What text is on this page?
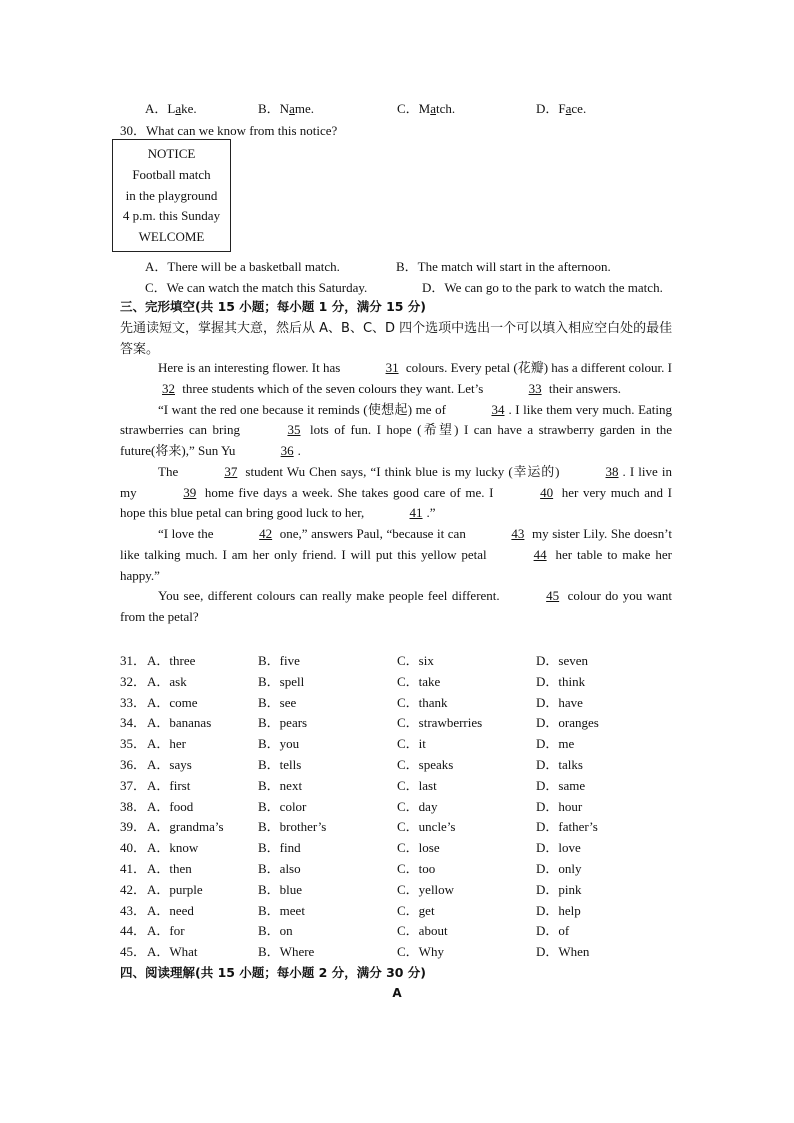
A．Lake.	B．Name.	C．Match.	D．Face.
30．What can we know from this notice?
NOTICE
Football match
in the playground
4 p.m. this Sunday
WELCOME
A．There will be a basketball match.	B．The match will start in the afternoon.
C．We can watch the match this Saturday.	D．We can go to the park to watch the match.
三、完形填空(共 15 小题；每小题 1 分，满分 15 分)
先通读短文，掌握其大意，然后从 A、B、C、D 四个选项中选出一个可以填入相应空白处的最佳答案。

Here is an interesting flower. It has	31 colours. Every petal (花瓣) has a different colour. I 32 three students which of the seven colours they want. Let’s	33 their answers.

“I want the red one because it reminds (使想起) me of	34 . I like them very much. Eating strawberries can bring	35 lots of fun. I hope (希望) I can have a strawberry garden in the future(将来),” Sun Yu	36 .

The	37 student Wu Chen says, “I think blue is my lucky (幸运的)	38 . I live in my	39 home five days a week. She takes good care of me. I	40 her very much and I hope this blue petal can bring good luck to her,	41 .”

“I love the	42 one,” answers Paul, “because it can	43 my sister Lily. She doesn’t like talking much. I am her only friend. I will put this yellow petal	44 her table to make her happy.”

You see, different colours can really make people feel different.	45 colour do you want from the petal?

31． A．three	B．five	C．six	D．seven
32． A．ask	B．spell	C．take	D．think
33． A．come	B．see	C．thank	D．have
34． A．bananas	B．pears	C．strawberries	D．oranges
35． A．her	B．you	C．it	D．me
36． A．says	B．tells	C．speaks	D．talks
37． A．first	B．next	C．last	D．same
38． A．food	B．color	C．day	D．hour
39． A．grandma’s	B．brother’s	C．uncle’s	D．father’s
40． A．know	B．find	C．lose	D．love
41． A．then	B．also	C．too	D．only
42． A．purple	B．blue	C．yellow	D．pink
43． A．need	B．meet	C．get	D．help
44． A．for	B．on	C．about	D．of
45． A．What	B．Where	C．Why	D．When
四、阅读理解(共 15 小题；每小题 2 分，满分 30 分)
A
